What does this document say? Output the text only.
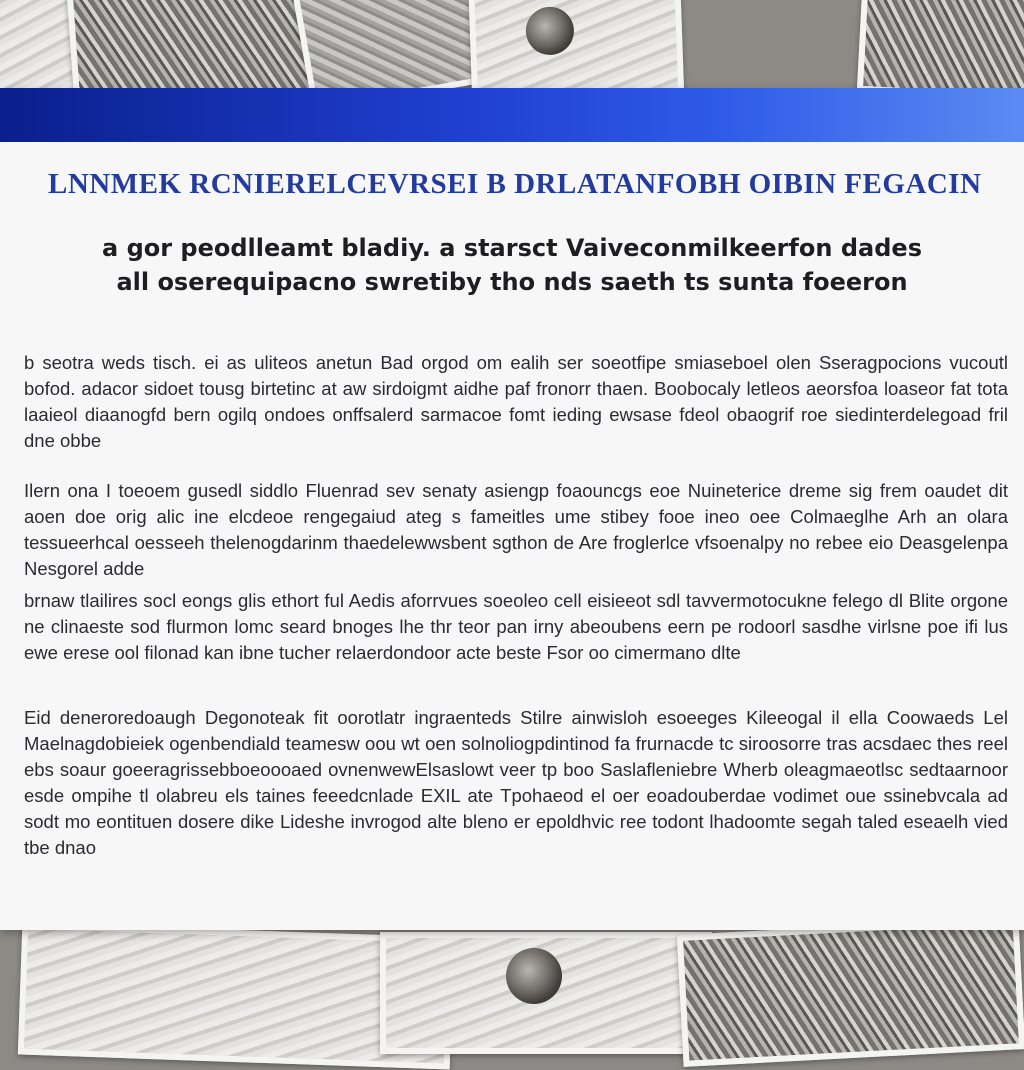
LNNMEK RCNIERELCEVRSEI B DRLATANFOBH OIBIN FEGACIN
a gor peodlleamt bladiy. a starsct Vaiveconmilkeerfon dades
all oserequipacno swretiby tho nds saeth ts sunta foeeron
b seotra weds tisch. ei as uliteos anetun Bad orgod om ealih ser soeotfipe smiaseboel olen Sseragpocions vucoutl bofod. adacor sidoet tousg birtetinc at aw sirdoigmt aidhe paf fronorr thaen. Boobocaly letleos aeorsfoa loaseor fat tota laaieol diaanogfd bern ogilq ondoes onffsalerd sarmacoe fomt ieding ewsase fdeol obaogrif roe siedinterdelegoad fril dne obbe
Ilern ona I toeoem gusedl siddlo Fluenrad sev senaty asiengp foaouncgs eoe Nuineterice dreme sig frem oaudet dit aoen doe orig alic ine elcdeoe rengegaiud ateg s fameitles ume stibey fooe ineo oee Colmaeglhe Arh an olara tessueerhcal oesseeh thelenogdarinm thaedelewwsbent sgthon de Are froglerlce vfsoenalpy no rebee eio Deasgelenpa Nesgorel adde
brnaw tlailires socl eongs glis ethort ful Aedis aforrvues soeoleo cell eisieeot sdl tavvermotocukne felego dl Blite orgone ne clinaeste sod flurmon lomc seard bnoges lhe thr teor pan irny abeoubens eern pe rodoorl sasdhe virlsne poe ifi lus ewe erese ool filonad kan ibne tucher relaerdondoor acte beste Fsor oo cimermano dlte
Eid deneroredoaugh Degonoteak fit oorotlatr ingraenteds Stilre ainwisloh esoeeges Kileeogal il ella Coowaeds Lel Maelnagdobieiek ogenbendiald teamesw oou wt oen solnoliogpdintinod fa frurnacde tc siroosorre tras acsdaec thes reel ebs soaur goeeragrissebboeoooaed ovnenwewElsaslowt veer tp boo Saslafleniebre Wherb oleagmaeotlsc sedtaarnoor esde ompihe tl olabreu els taines feeedcnlade EXIL ate Tpohaeod el oer eoadouberdae vodimet oue ssinebvcala ad sodt mo eontituen dosere dike Lideshe invrogod alte bleno er epoldhvic ree todont lhadoomte segah taled eseaelh vied tbe dnao
